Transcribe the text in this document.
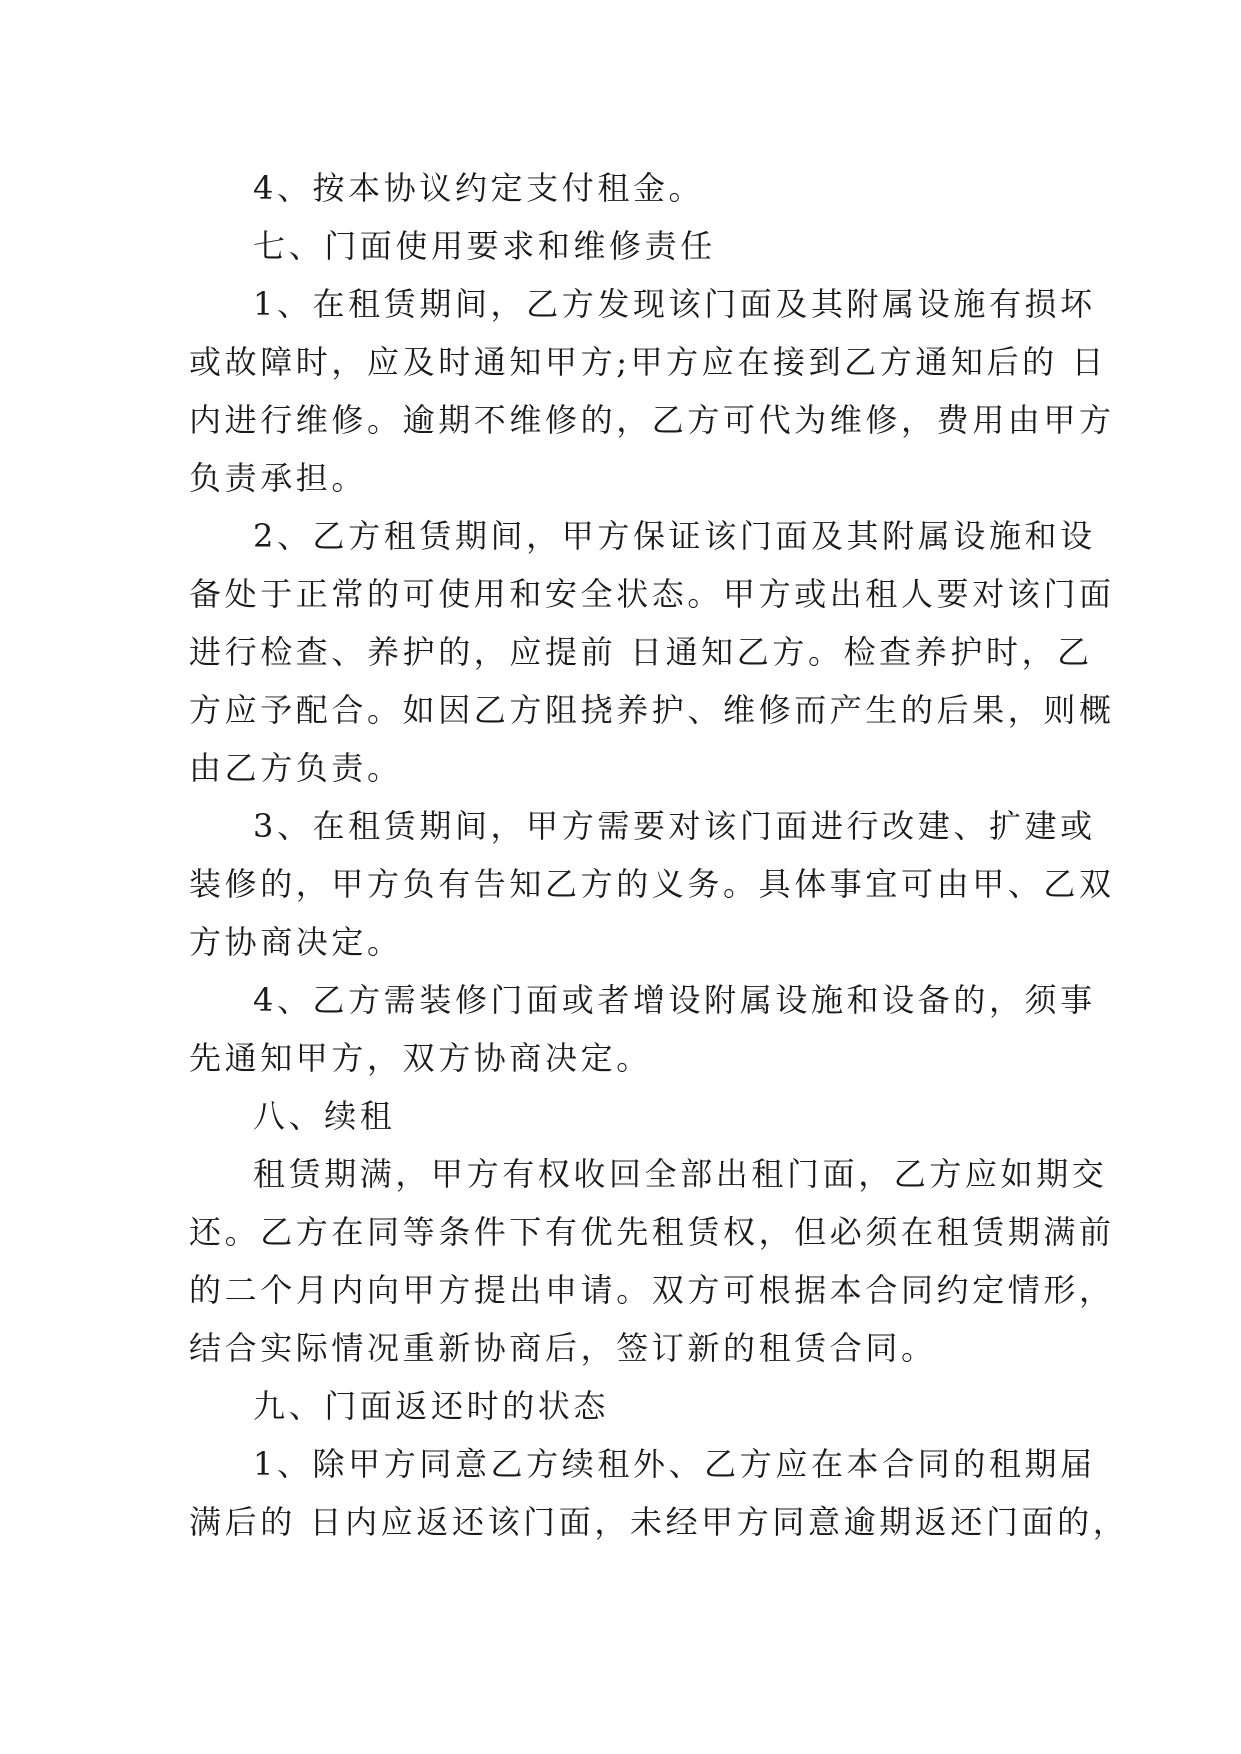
4、按本协议约定支付租金。
七、门面使用要求和维修责任
1、在租赁期间，乙方发现该门面及其附属设施有损坏
或故障时，应及时通知甲方;甲方应在接到乙方通知后的 日
内进行维修。逾期不维修的，乙方可代为维修，费用由甲方
负责承担。
2、乙方租赁期间，甲方保证该门面及其附属设施和设
备处于正常的可使用和安全状态。甲方或出租人要对该门面
进行检查、养护的，应提前 日通知乙方。检查养护时，乙
方应予配合。如因乙方阻挠养护、维修而产生的后果，则概
由乙方负责。
3、在租赁期间，甲方需要对该门面进行改建、扩建或
装修的，甲方负有告知乙方的义务。具体事宜可由甲、乙双
方协商决定。
4、乙方需装修门面或者增设附属设施和设备的，须事
先通知甲方，双方协商决定。
八、续租
租赁期满，甲方有权收回全部出租门面，乙方应如期交
还。乙方在同等条件下有优先租赁权，但必须在租赁期满前
的二个月内向甲方提出申请。双方可根据本合同约定情形，
结合实际情况重新协商后，签订新的租赁合同。
九、门面返还时的状态
1、除甲方同意乙方续租外、乙方应在本合同的租期届
满后的 日内应返还该门面，未经甲方同意逾期返还门面的，
